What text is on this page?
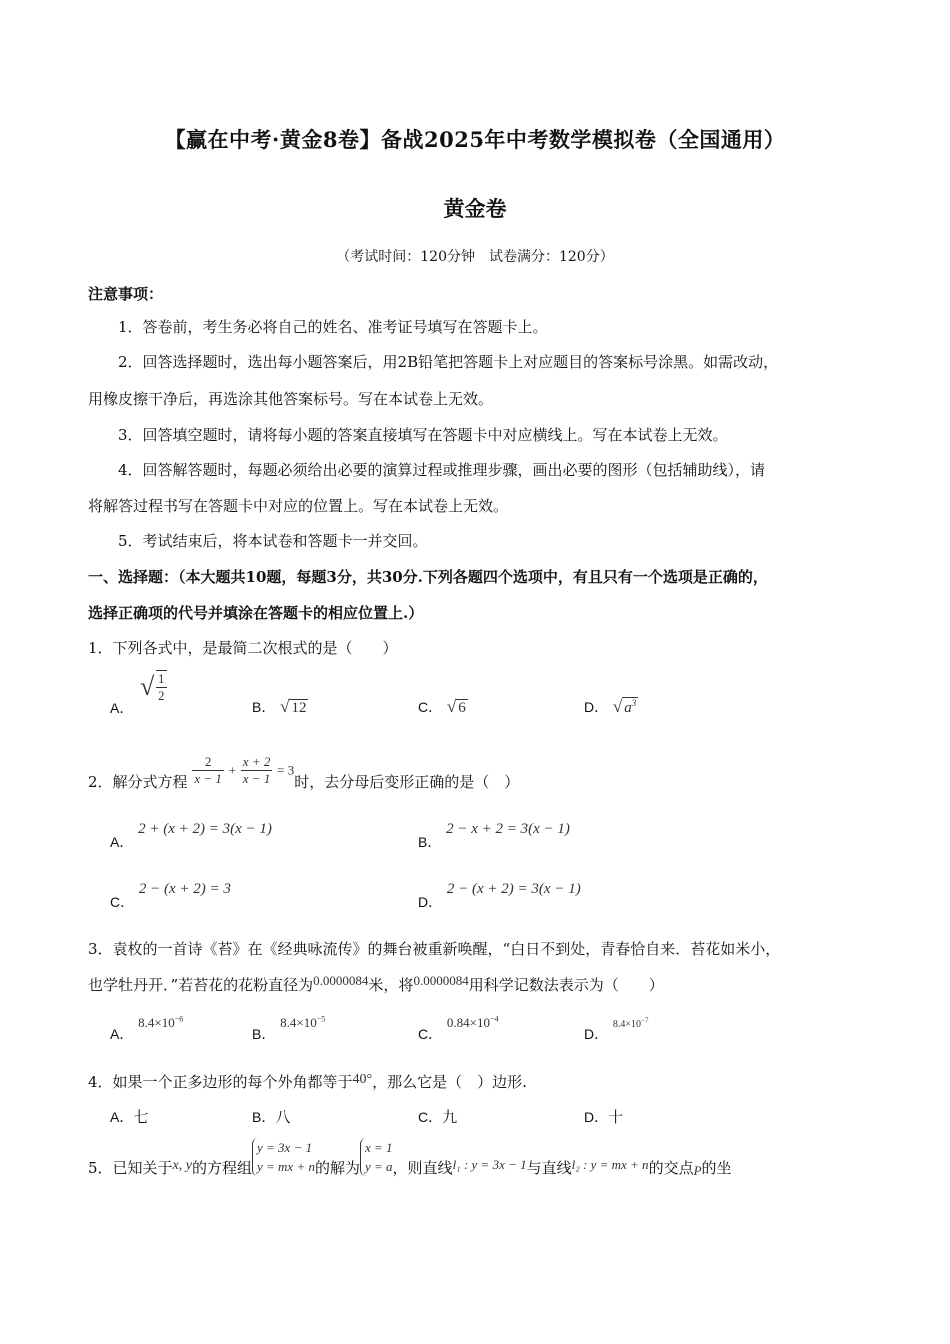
【赢在中考·黄金8卷】备战2025年中考数学模拟卷（全国通用）
黄金卷
（考试时间：120分钟　试卷满分：120分）
注意事项：
1．答卷前，考生务必将自己的姓名、准考证号填写在答题卡上。
2．回答选择题时，选出每小题答案后，用2B铅笔把答题卡上对应题目的答案标号涂黑。如需改动，
用橡皮擦干净后，再选涂其他答案标号。写在本试卷上无效。
3．回答填空题时，请将每小题的答案直接填写在答题卡中对应横线上。写在本试卷上无效。
4．回答解答题时，每题必须给出必要的演算过程或推理步骤，画出必要的图形（包括辅助线），请
将解答过程书写在答题卡中对应的位置上。写在本试卷上无效。
5．考试结束后，将本试卷和答题卡一并交回。
一、选择题：（本大题共10题，每题3分，共30分.下列各题四个选项中，有且只有一个选项是正确的，
选择正确项的代号并填涂在答题卡的相应位置上.）
1．下列各式中，是最简二次根式的是（　　）
A．
√ $\frac{1}{2}$
B． √ 12	C． √ 6	D． √ $a^3$
2．解分式方程 $\frac{2}{x - 1} + \frac{x + 2}{x - 1} = 3$时，去分母后变形正确的是（　）
A． 2 + (x + 2) = 3(x − 1)
B． 2 − x + 2 = 3(x − 1)
C． 2 − (x + 2) = 3
D． 2 − (x + 2) = 3(x − 1)
3．袁枚的一首诗《苔》在《经典咏流传》的舞台被重新唤醒，“白日不到处，青春恰自来．苔花如米小，
也学牡丹开．”若苔花的花粉直径为0.0000084米，将0.0000084用科学记数法表示为（　　）
A． $8.4\times 10^{-6}$
B． $8.4\times 10^{-5}$
C． $0.84\times 10^{-4}$
D． $8.4\times 10^{-7}$
4．如果一个正多边形的每个外角都等于40°，那么它是（　）边形.
A．七	B．八	C．九	D．十
5．已知关于x, y的方程组
y = 3x − 1
y = mx + n 的解为
x = 1
y = a ，则直线l₁ : y = 3x − 1与直线l₂ : y = mx + n的交点P的坐
